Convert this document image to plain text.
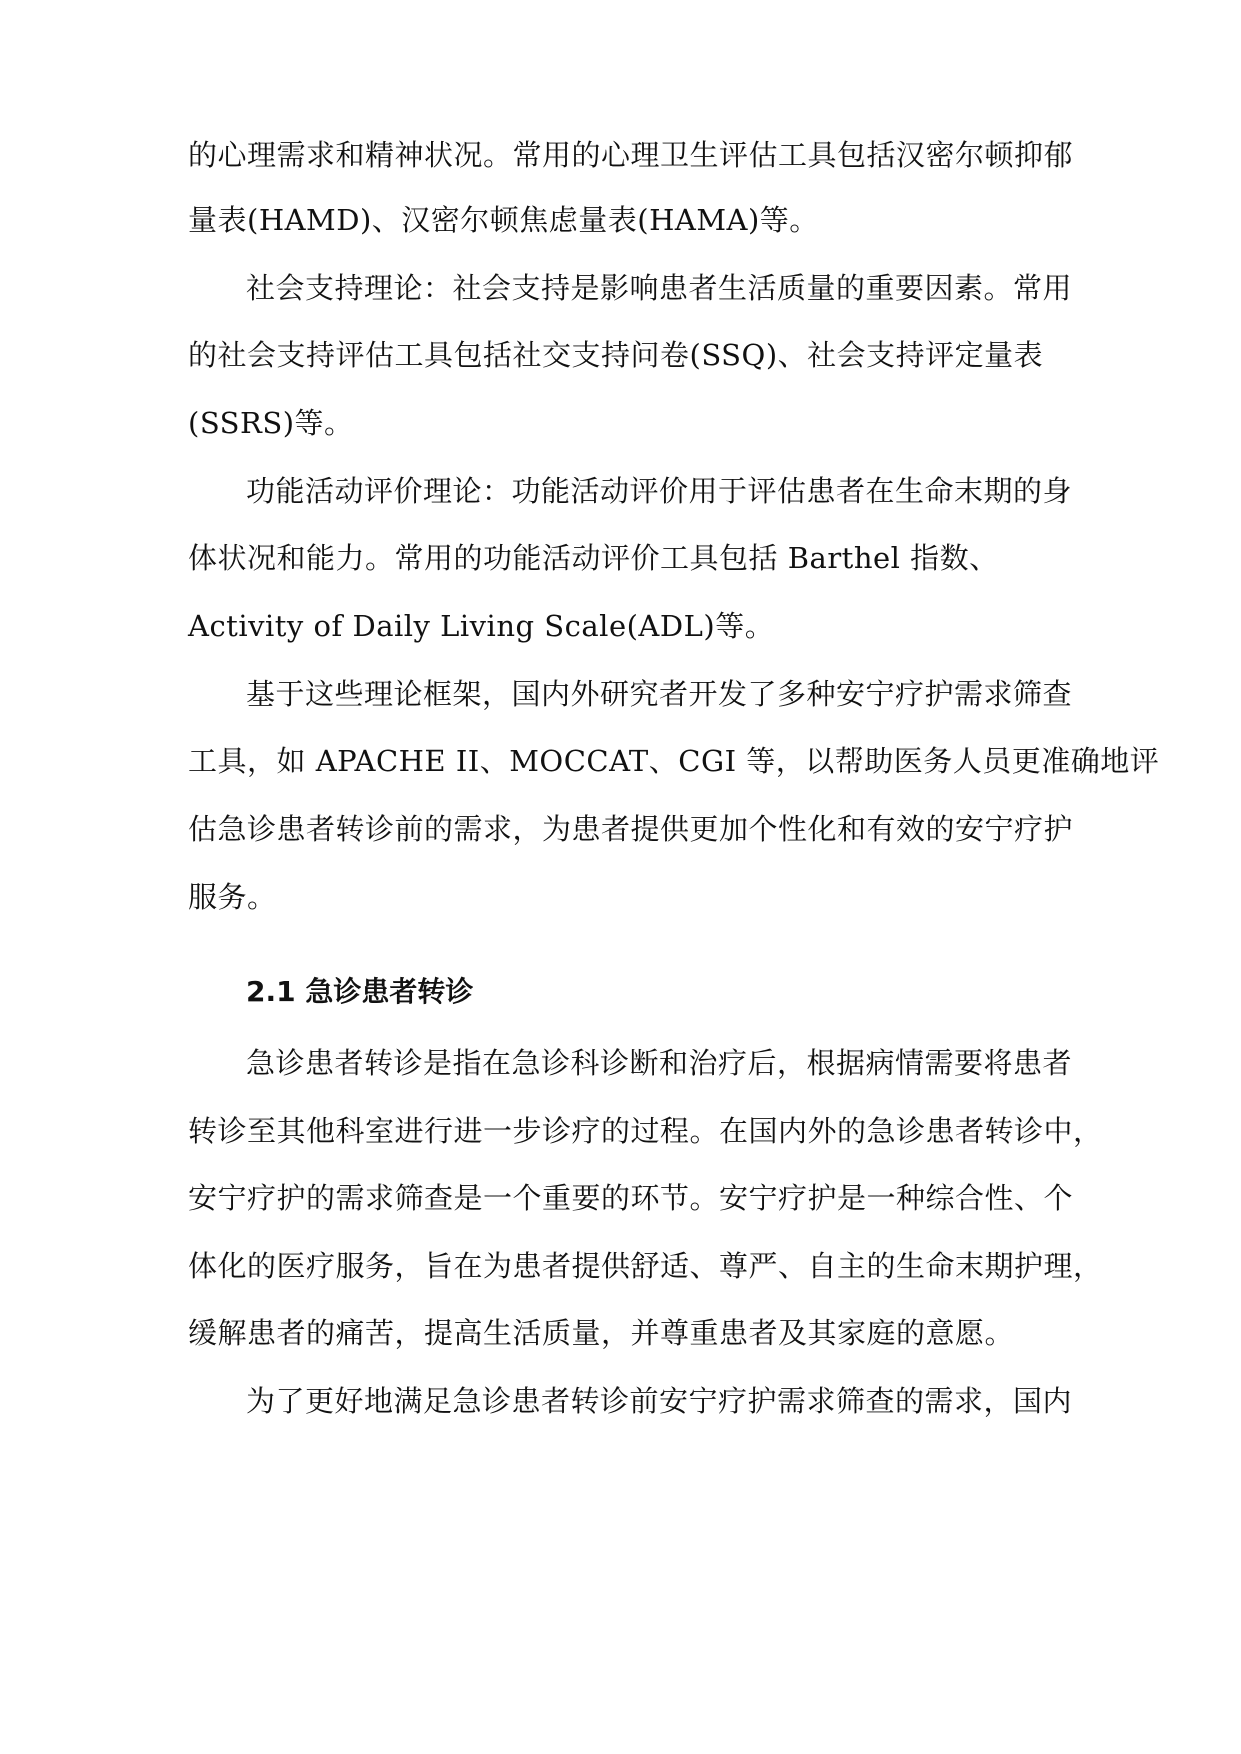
的心理需求和精神状况。常用的心理卫生评估工具包括汉密尔顿抑郁
量表(HAMD)、汉密尔顿焦虑量表(HAMA)等。
社会支持理论：社会支持是影响患者生活质量的重要因素。常用
的社会支持评估工具包括社交支持问卷(SSQ)、社会支持评定量表
(SSRS)等。
功能活动评价理论：功能活动评价用于评估患者在生命末期的身
体状况和能力。常用的功能活动评价工具包括 Barthel 指数、
Activity of Daily Living Scale(ADL)等。
基于这些理论框架，国内外研究者开发了多种安宁疗护需求筛查
工具，如 APACHE II、MOCCAT、CGI 等，以帮助医务人员更准确地评
估急诊患者转诊前的需求，为患者提供更加个性化和有效的安宁疗护
服务。
2.1 急诊患者转诊
急诊患者转诊是指在急诊科诊断和治疗后，根据病情需要将患者
转诊至其他科室进行进一步诊疗的过程。在国内外的急诊患者转诊中，
安宁疗护的需求筛查是一个重要的环节。安宁疗护是一种综合性、个
体化的医疗服务，旨在为患者提供舒适、尊严、自主的生命末期护理，
缓解患者的痛苦，提高生活质量，并尊重患者及其家庭的意愿。
为了更好地满足急诊患者转诊前安宁疗护需求筛查的需求，国内
